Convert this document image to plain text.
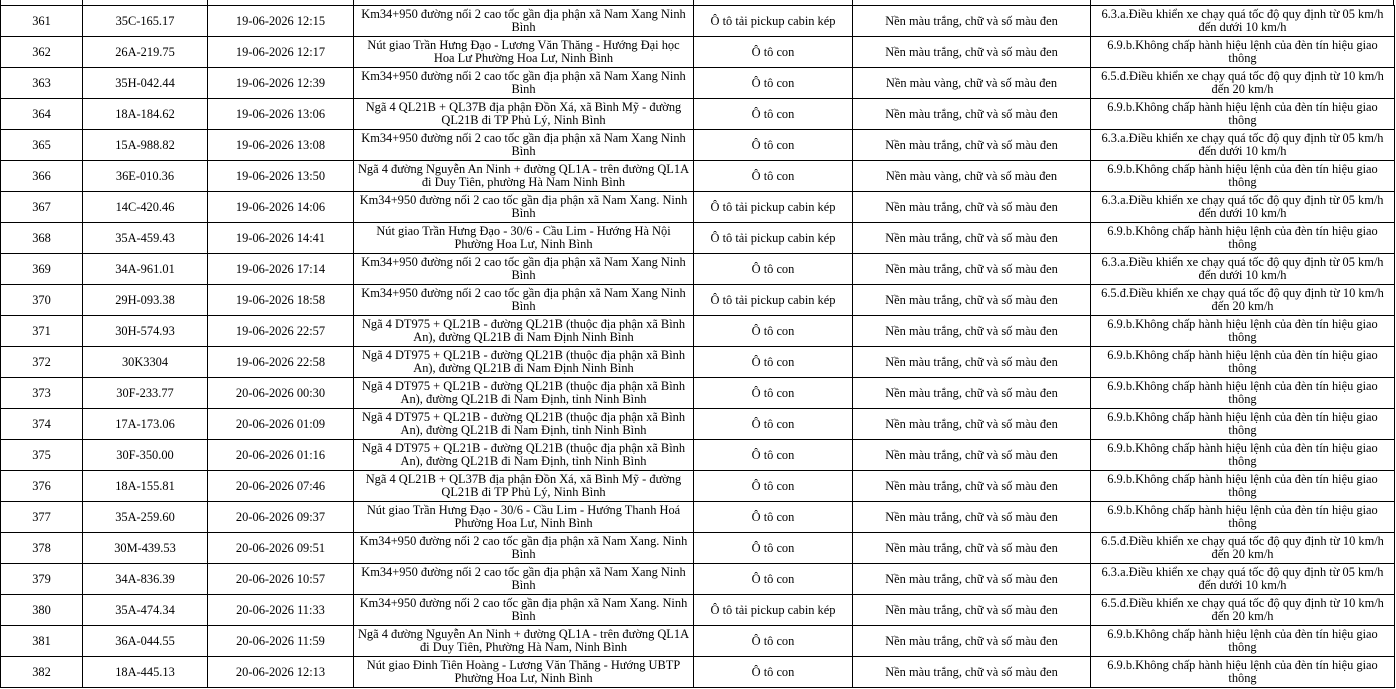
361	35C-165.17	19-06-2026 12:15	Km34+950 đường nối 2 cao tốc gần địa phận xã Nam Xang Ninh Bình	Ô tô tải pickup cabin kép	Nền màu trắng, chữ và số màu đen	6.3.a.Điều khiển xe chạy quá tốc độ quy định từ 05 km/h đến dưới 10 km/h
362	26A-219.75	19-06-2026 12:17	Nút giao Trần Hưng Đạo - Lương Văn Thăng - Hướng Đại học Hoa Lư Phường Hoa Lư, Ninh Bình	Ô tô con	Nền màu trắng, chữ và số màu đen	6.9.b.Không chấp hành hiệu lệnh của đèn tín hiệu giao thông
363	35H-042.44	19-06-2026 12:39	Km34+950 đường nối 2 cao tốc gần địa phận xã Nam Xang Ninh Bình	Ô tô con	Nền màu vàng, chữ và số màu đen	6.5.đ.Điều khiển xe chạy quá tốc độ quy định từ 10 km/h đến 20 km/h
364	18A-184.62	19-06-2026 13:06	Ngã 4 QL21B + QL37B địa phận Đồn Xá, xã Bình Mỹ - đường QL21B đi TP Phủ Lý, Ninh Bình	Ô tô con	Nền màu trắng, chữ và số màu đen	6.9.b.Không chấp hành hiệu lệnh của đèn tín hiệu giao thông
365	15A-988.82	19-06-2026 13:08	Km34+950 đường nối 2 cao tốc gần địa phận xã Nam Xang Ninh Bình	Ô tô con	Nền màu trắng, chữ và số màu đen	6.3.a.Điều khiển xe chạy quá tốc độ quy định từ 05 km/h đến dưới 10 km/h
366	36E-010.36	19-06-2026 13:50	Ngã 4 đường Nguyễn An Ninh + đường QL1A - trên đường QL1A đi Duy Tiên, phường Hà Nam Ninh Bình	Ô tô con	Nền màu vàng, chữ và số màu đen	6.9.b.Không chấp hành hiệu lệnh của đèn tín hiệu giao thông
367	14C-420.46	19-06-2026 14:06	Km34+950 đường nối 2 cao tốc gần địa phận xã Nam Xang. Ninh Bình	Ô tô tải pickup cabin kép	Nền màu trắng, chữ và số màu đen	6.3.a.Điều khiển xe chạy quá tốc độ quy định từ 05 km/h đến dưới 10 km/h
368	35A-459.43	19-06-2026 14:41	Nút giao Trần Hưng Đạo - 30/6 - Cầu Lim - Hướng Hà Nội Phường Hoa Lư, Ninh Bình	Ô tô tải pickup cabin kép	Nền màu trắng, chữ và số màu đen	6.9.b.Không chấp hành hiệu lệnh của đèn tín hiệu giao thông
369	34A-961.01	19-06-2026 17:14	Km34+950 đường nối 2 cao tốc gần địa phận xã Nam Xang Ninh Bình	Ô tô con	Nền màu trắng, chữ và số màu đen	6.3.a.Điều khiển xe chạy quá tốc độ quy định từ 05 km/h đến dưới 10 km/h
370	29H-093.38	19-06-2026 18:58	Km34+950 đường nối 2 cao tốc gần địa phận xã Nam Xang Ninh Bình	Ô tô tải pickup cabin kép	Nền màu trắng, chữ và số màu đen	6.5.đ.Điều khiển xe chạy quá tốc độ quy định từ 10 km/h đến 20 km/h
371	30H-574.93	19-06-2026 22:57	Ngã 4 DT975 + QL21B - đường QL21B (thuộc địa phận xã Bình An), đường QL21B đi Nam Định Ninh Bình	Ô tô con	Nền màu trắng, chữ và số màu đen	6.9.b.Không chấp hành hiệu lệnh của đèn tín hiệu giao thông
372	30K3304	19-06-2026 22:58	Ngã 4 DT975 + QL21B - đường QL21B (thuộc địa phận xã Bình An), đường QL21B đi Nam Định Ninh Bình	Ô tô con	Nền màu trắng, chữ và số màu đen	6.9.b.Không chấp hành hiệu lệnh của đèn tín hiệu giao thông
373	30F-233.77	20-06-2026 00:30	Ngã 4 DT975 + QL21B - đường QL21B (thuộc địa phận xã Bình An), đường QL21B đi Nam Định, tỉnh Ninh Bình	Ô tô con	Nền màu trắng, chữ và số màu đen	6.9.b.Không chấp hành hiệu lệnh của đèn tín hiệu giao thông
374	17A-173.06	20-06-2026 01:09	Ngã 4 DT975 + QL21B - đường QL21B (thuộc địa phận xã Bình An), đường QL21B đi Nam Định, tỉnh Ninh Bình	Ô tô con	Nền màu trắng, chữ và số màu đen	6.9.b.Không chấp hành hiệu lệnh của đèn tín hiệu giao thông
375	30F-350.00	20-06-2026 01:16	Ngã 4 DT975 + QL21B - đường QL21B (thuộc địa phận xã Bình An), đường QL21B đi Nam Định, tỉnh Ninh Bình	Ô tô con	Nền màu trắng, chữ và số màu đen	6.9.b.Không chấp hành hiệu lệnh của đèn tín hiệu giao thông
376	18A-155.81	20-06-2026 07:46	Ngã 4 QL21B + QL37B địa phận Đồn Xá, xã Bình Mỹ - đường QL21B đi TP Phủ Lý, Ninh Bình	Ô tô con	Nền màu trắng, chữ và số màu đen	6.9.b.Không chấp hành hiệu lệnh của đèn tín hiệu giao thông
377	35A-259.60	20-06-2026 09:37	Nút giao Trần Hưng Đạo - 30/6 - Cầu Lim - Hướng Thanh Hoá Phường Hoa Lư, Ninh Bình	Ô tô con	Nền màu trắng, chữ và số màu đen	6.9.b.Không chấp hành hiệu lệnh của đèn tín hiệu giao thông
378	30M-439.53	20-06-2026 09:51	Km34+950 đường nối 2 cao tốc gần địa phận xã Nam Xang. Ninh Bình	Ô tô con	Nền màu trắng, chữ và số màu đen	6.5.đ.Điều khiển xe chạy quá tốc độ quy định từ 10 km/h đến 20 km/h
379	34A-836.39	20-06-2026 10:57	Km34+950 đường nối 2 cao tốc gần địa phận xã Nam Xang Ninh Bình	Ô tô con	Nền màu trắng, chữ và số màu đen	6.3.a.Điều khiển xe chạy quá tốc độ quy định từ 05 km/h đến dưới 10 km/h
380	35A-474.34	20-06-2026 11:33	Km34+950 đường nối 2 cao tốc gần địa phận xã Nam Xang. Ninh Bình	Ô tô tải pickup cabin kép	Nền màu trắng, chữ và số màu đen	6.5.đ.Điều khiển xe chạy quá tốc độ quy định từ 10 km/h đến 20 km/h
381	36A-044.55	20-06-2026 11:59	Ngã 4 đường Nguyễn An Ninh + đường QL1A - trên đường QL1A đi Duy Tiên, Phường Hà Nam, Ninh Bình	Ô tô con	Nền màu trắng, chữ và số màu đen	6.9.b.Không chấp hành hiệu lệnh của đèn tín hiệu giao thông
382	18A-445.13	20-06-2026 12:13	Nút giao Đinh Tiên Hoàng - Lương Văn Thăng - Hướng UBTP Phường Hoa Lư, Ninh Bình	Ô tô con	Nền màu trắng, chữ và số màu đen	6.9.b.Không chấp hành hiệu lệnh của đèn tín hiệu giao thông
